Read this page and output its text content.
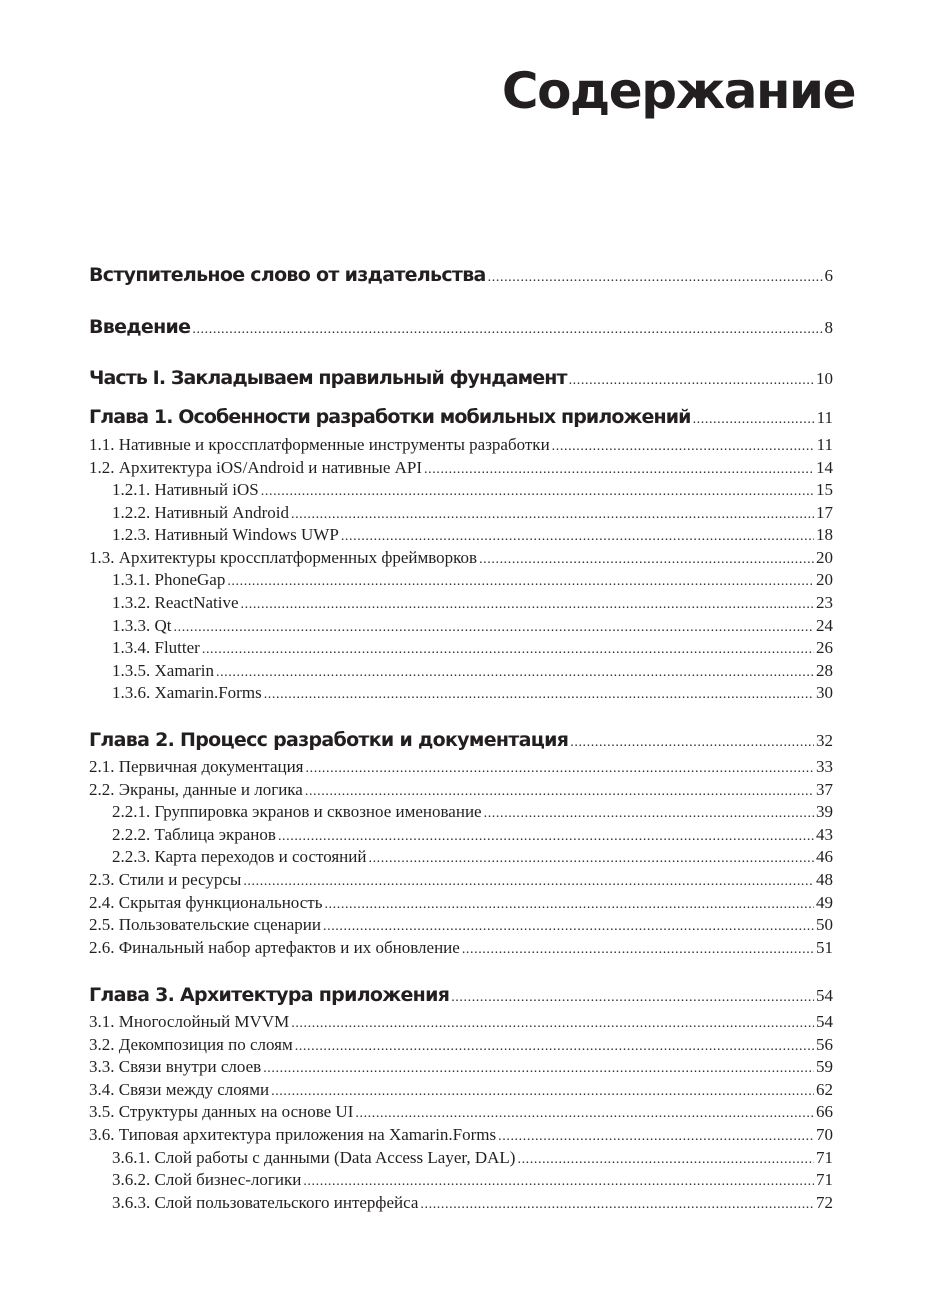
Содержание
Вступительное слово от издательства .....	6
Введение .....	8
Часть I. Закладываем правильный фундамент .....	10
Глава 1. Особенности разработки мобильных приложений .....	11
1.1. Нативные и кроссплатформенные инструменты разработки .....	11
1.2. Архитектура iOS/Android и нативные API .....	14
1.2.1. Нативный iOS .....	15
1.2.2. Нативный Android .....	17
1.2.3. Нативный Windows UWP .....	18
1.3. Архитектуры кроссплатформенных фреймворков .....	20
1.3.1. PhoneGap .....	20
1.3.2. ReactNative .....	23
1.3.3. Qt .....	24
1.3.4. Flutter .....	26
1.3.5. Xamarin .....	28
1.3.6. Xamarin.Forms .....	30
Глава 2. Процесс разработки и документация .....	32
2.1. Первичная документация .....	33
2.2. Экраны, данные и логика .....	37
2.2.1. Группировка экранов и сквозное именование .....	39
2.2.2. Таблица экранов .....	43
2.2.3. Карта переходов и состояний .....	46
2.3. Стили и ресурсы .....	48
2.4. Скрытая функциональность .....	49
2.5. Пользовательские сценарии .....	50
2.6. Финальный набор артефактов и их обновление .....	51
Глава 3. Архитектура приложения .....	54
3.1. Многослойный MVVM .....	54
3.2. Декомпозиция по слоям .....	56
3.3. Связи внутри слоев .....	59
3.4. Связи между слоями .....	62
3.5. Структуры данных на основе UI .....	66
3.6. Типовая архитектура приложения на Xamarin.Forms .....	70
3.6.1. Слой работы с данными (Data Access Layer, DAL) .....	71
3.6.2. Слой бизнес-логики .....	71
3.6.3. Слой пользовательского интерфейса .....	72
